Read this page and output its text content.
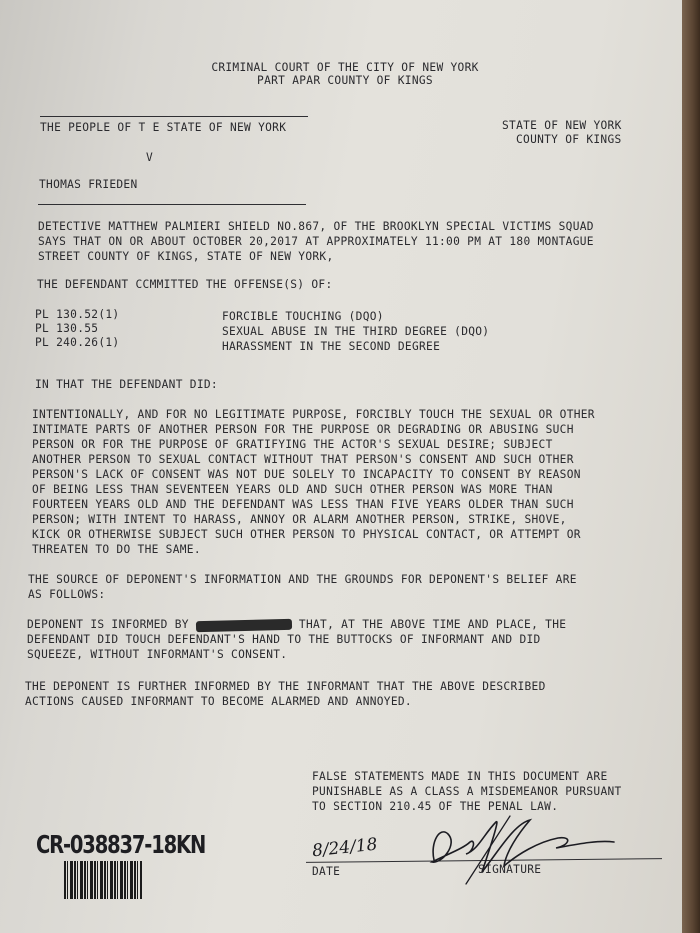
CRIMINAL COURT OF THE CITY OF NEW YORK
PART APAR COUNTY OF KINGS
STATE OF NEW YORK
COUNTY OF KINGS
THE PEOPLE OF T E STATE OF NEW YORK
V
THOMAS FRIEDEN
DETECTIVE MATTHEW PALMIERI SHIELD NO.867, OF THE BROOKLYN SPECIAL VICTIMS SQUAD
SAYS THAT ON OR ABOUT OCTOBER 20,2017 AT APPROXIMATELY 11:00 PM AT 180 MONTAGUE
STREET COUNTY OF KINGS, STATE OF NEW YORK,
THE DEFENDANT CCMMITTED THE OFFENSE(S) OF:
PL 130.52(1)	FORCIBLE TOUCHING (DQO)
PL 130.55	SEXUAL ABUSE IN THE THIRD DEGREE (DQO)
PL 240.26(1)	HARASSMENT IN THE SECOND DEGREE
IN THAT THE DEFENDANT DID:
INTENTIONALLY, AND FOR NO LEGITIMATE PURPOSE, FORCIBLY TOUCH THE SEXUAL OR OTHER
INTIMATE PARTS OF ANOTHER PERSON FOR THE PURPOSE OR DEGRADING OR ABUSING SUCH
PERSON OR FOR THE PURPOSE OF GRATIFYING THE ACTOR'S SEXUAL DESIRE; SUBJECT
ANOTHER PERSON TO SEXUAL CONTACT WITHOUT THAT PERSON'S CONSENT AND SUCH OTHER
PERSON'S LACK OF CONSENT WAS NOT DUE SOLELY TO INCAPACITY TO CONSENT BY REASON
OF BEING LESS THAN SEVENTEEN YEARS OLD AND SUCH OTHER PERSON WAS MORE THAN
FOURTEEN YEARS OLD AND THE DEFENDANT WAS LESS THAN FIVE YEARS OLDER THAN SUCH
PERSON; WITH INTENT TO HARASS, ANNOY OR ALARM ANOTHER PERSON, STRIKE, SHOVE,
KICK OR OTHERWISE SUBJECT SUCH OTHER PERSON TO PHYSICAL CONTACT, OR ATTEMPT OR
THREATEN TO DO THE SAME.
THE SOURCE OF DEPONENT'S INFORMATION AND THE GROUNDS FOR DEPONENT'S BELIEF ARE
AS FOLLOWS:
DEPONENT IS INFORMED BY	THAT, AT THE ABOVE TIME AND PLACE, THE
DEFENDANT DID TOUCH DEFENDANT'S HAND TO THE BUTTOCKS OF INFORMANT AND DID
SQUEEZE, WITHOUT INFORMANT'S CONSENT.
THE DEPONENT IS FURTHER INFORMED BY THE INFORMANT THAT THE ABOVE DESCRIBED
ACTIONS CAUSED INFORMANT TO BECOME ALARMED AND ANNOYED.
FALSE STATEMENTS MADE IN THIS DOCUMENT ARE
PUNISHABLE AS A CLASS A MISDEMEANOR PURSUANT
TO SECTION 210.45 OF THE PENAL LAW.
CR-038837-18KN	8/24/18
DATE	SIGNATURE
